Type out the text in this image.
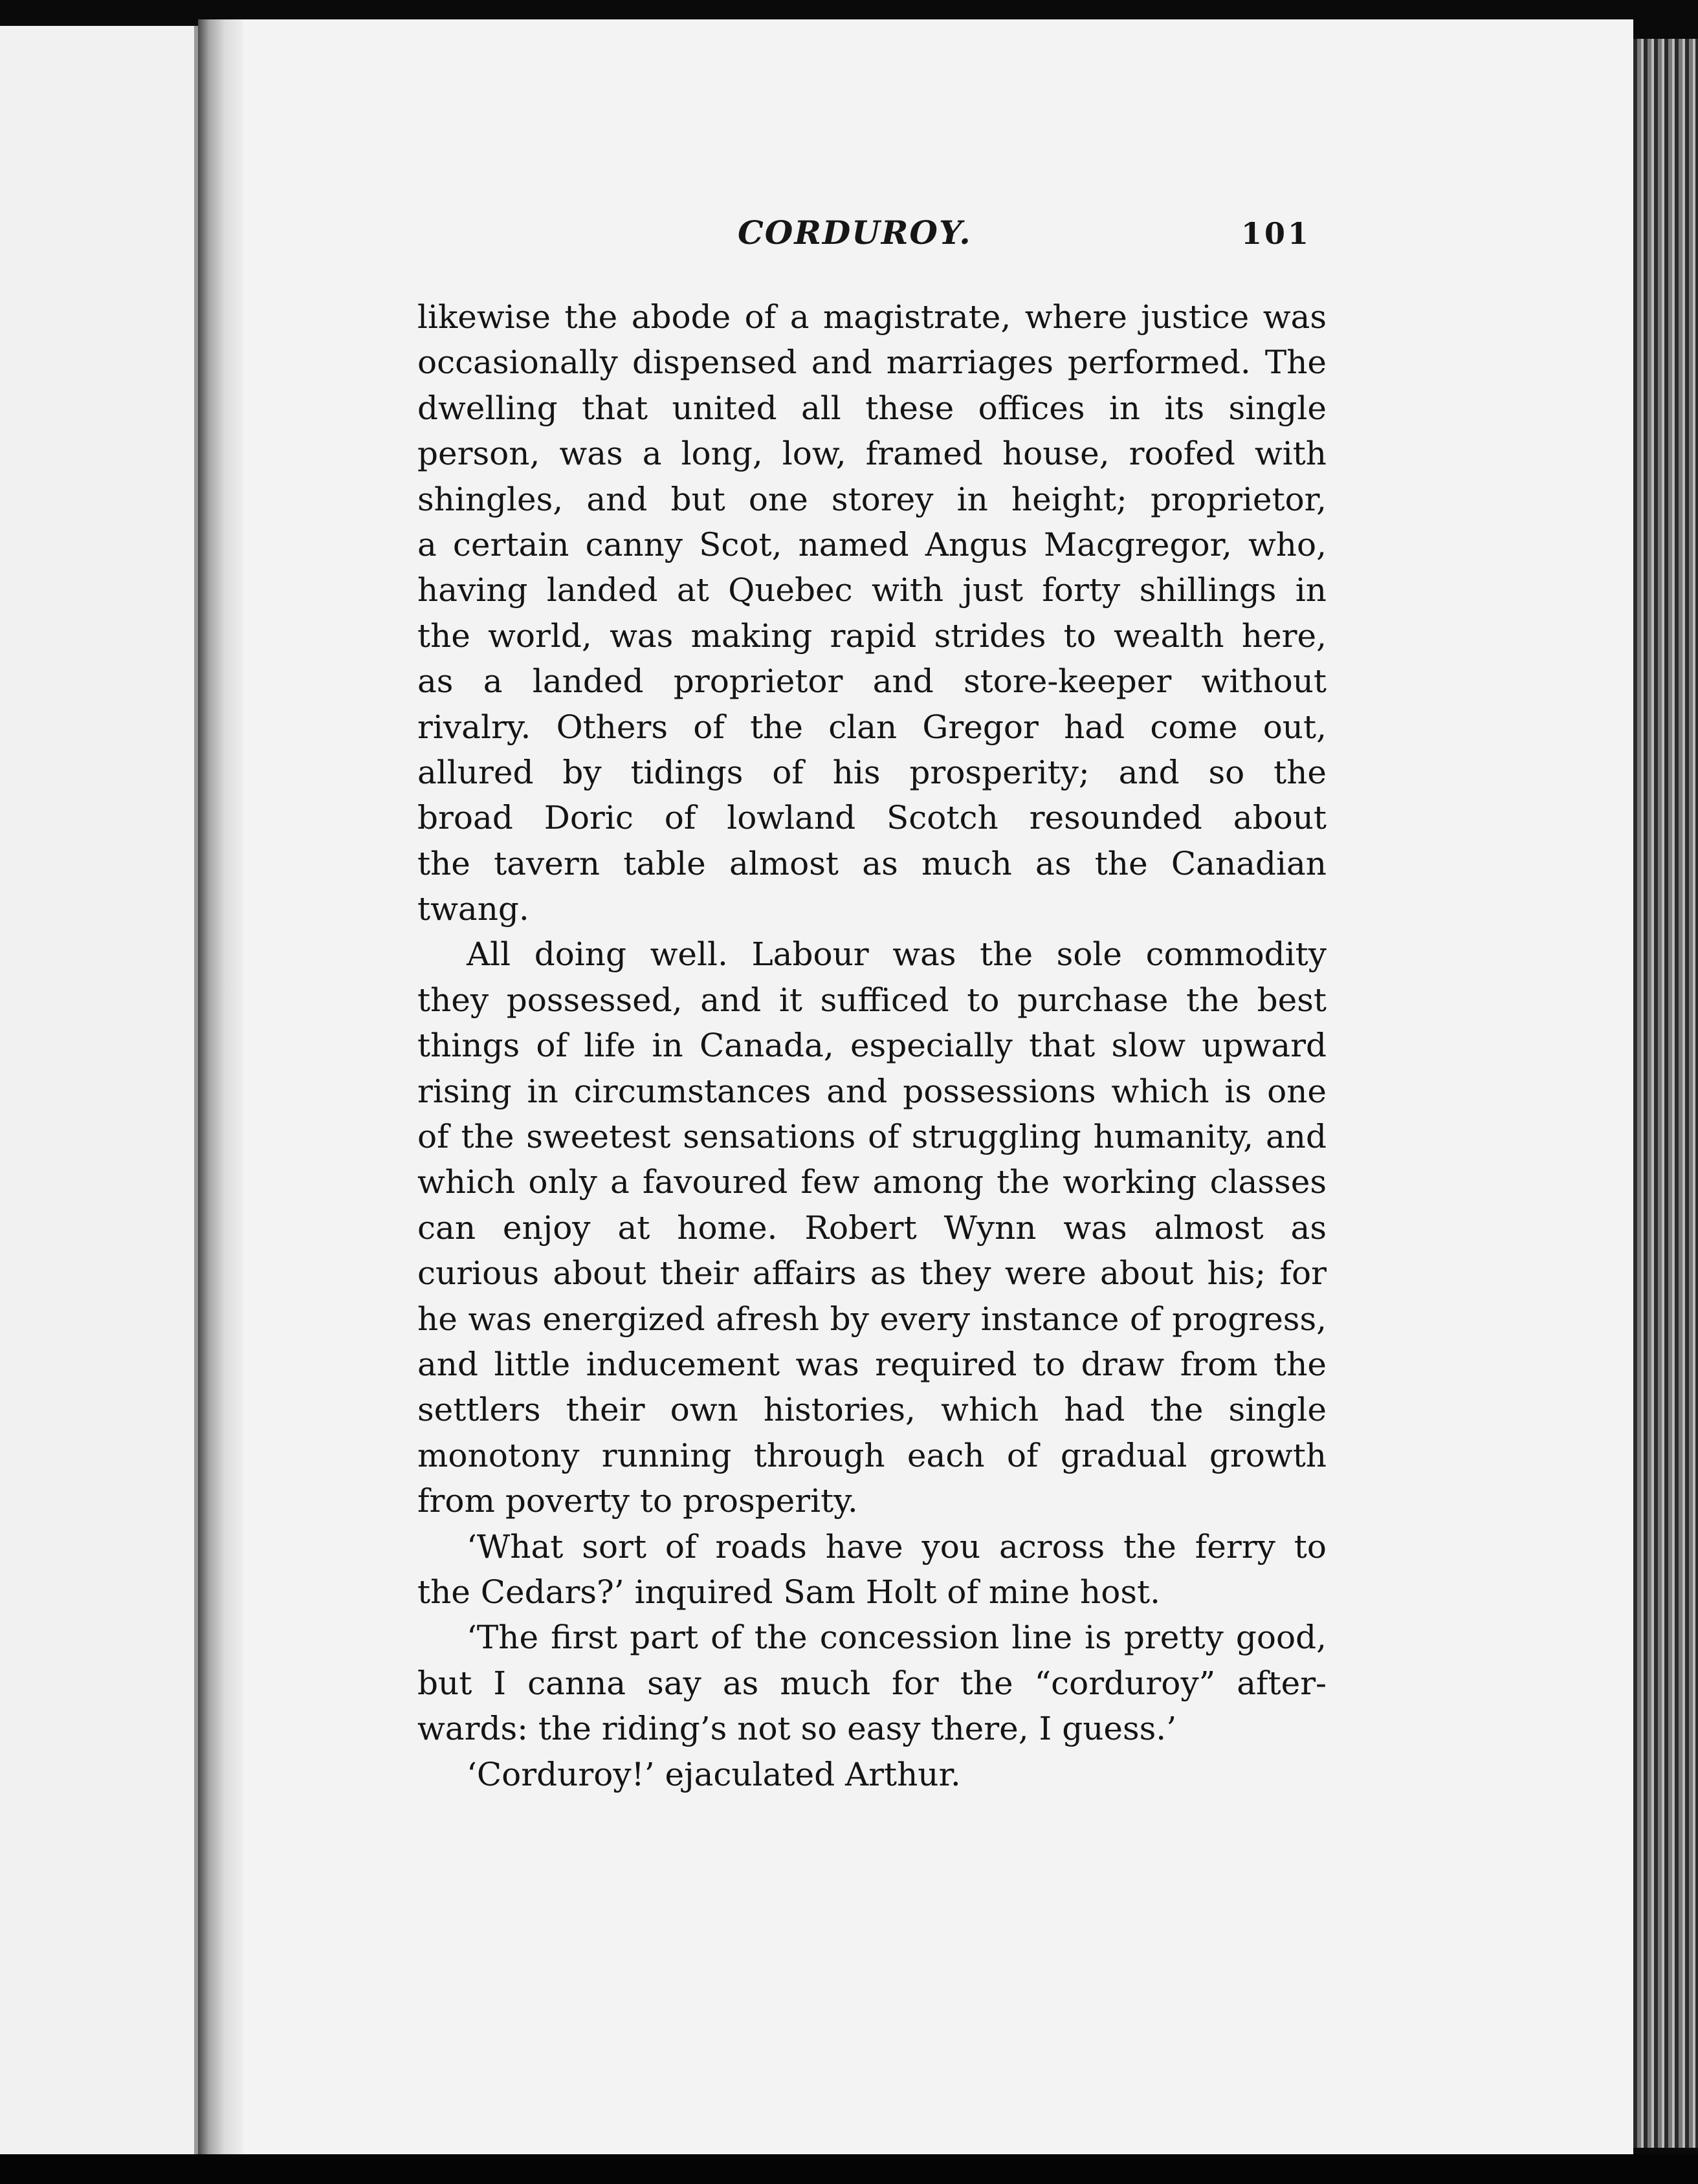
CORDUROY.	101
likewise the abode of a magistrate, where justice was
occasionally dispensed and marriages performed. The
dwelling that united all these offices in its single
person, was a long, low, framed house, roofed with
shingles, and but one storey in height; proprietor,
a certain canny Scot, named Angus Macgregor, who,
having landed at Quebec with just forty shillings in
the world, was making rapid strides to wealth here,
as a landed proprietor and store-keeper without
rivalry. Others of the clan Gregor had come out,
allured by tidings of his prosperity; and so the
broad Doric of lowland Scotch resounded about
the tavern table almost as much as the Canadian
twang.
All doing well. Labour was the sole commodity
they possessed, and it sufficed to purchase the best
things of life in Canada, especially that slow upward
rising in circumstances and possessions which is one
of the sweetest sensations of struggling humanity, and
which only a favoured few among the working classes
can enjoy at home. Robert Wynn was almost as
curious about their affairs as they were about his; for
he was energized afresh by every instance of progress,
and little inducement was required to draw from the
settlers their own histories, which had the single
monotony running through each of gradual growth
from poverty to prosperity.
‘What sort of roads have you across the ferry to
the Cedars?’ inquired Sam Holt of mine host.
‘The first part of the concession line is pretty good,
but I canna say as much for the “corduroy” after-
wards: the riding’s not so easy there, I guess.’
‘Corduroy!’ ejaculated Arthur.
